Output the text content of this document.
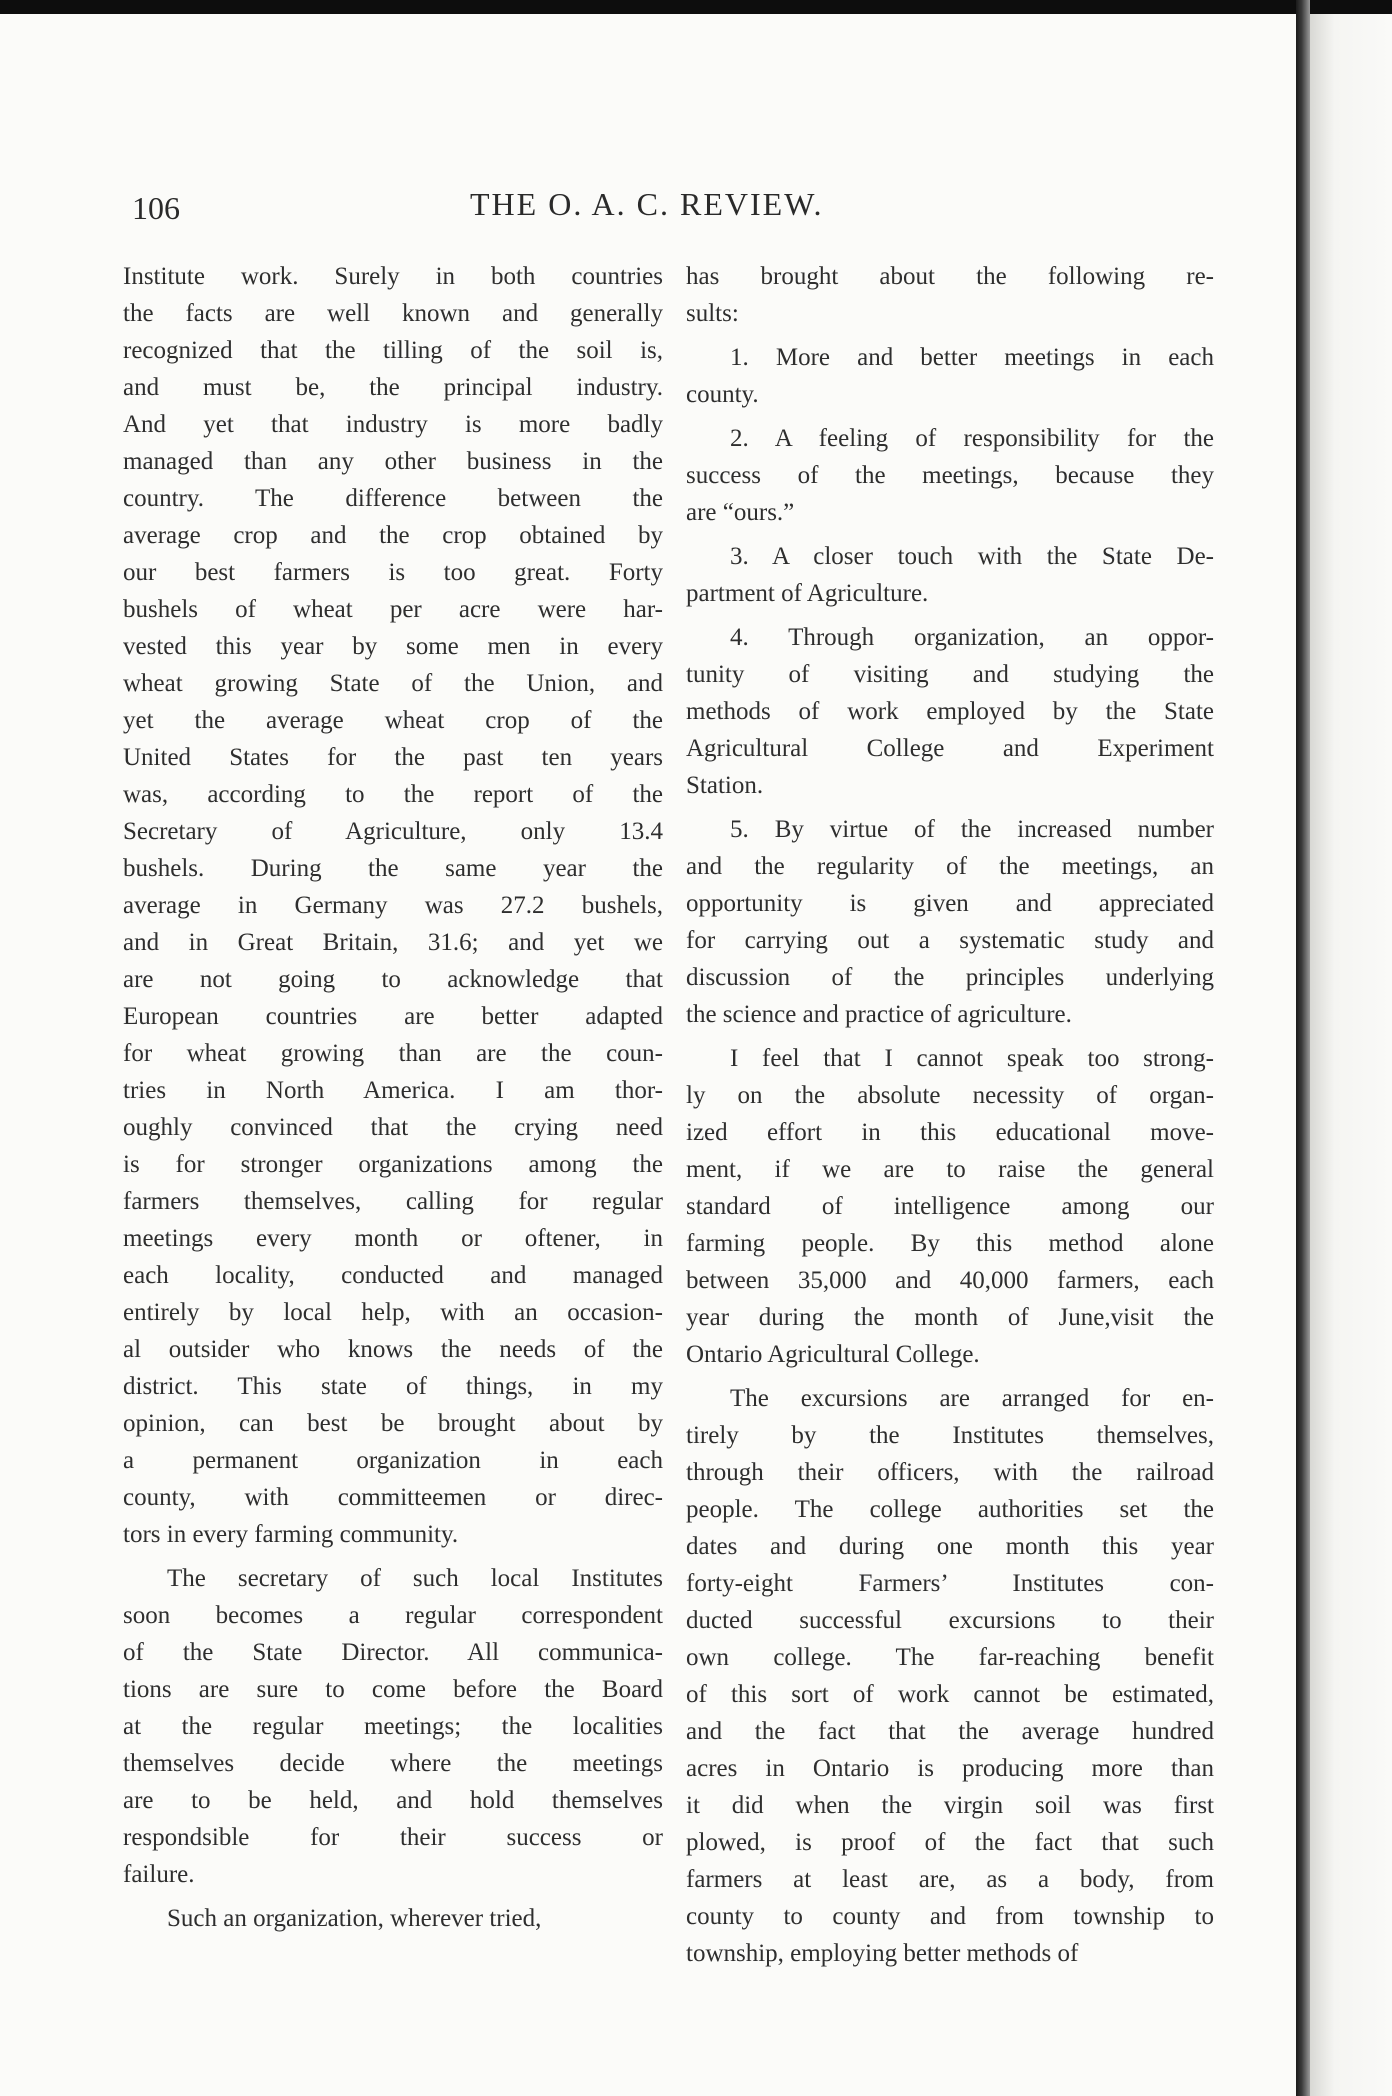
106	THE O. A. C. REVIEW.

Institute work. Surely in both countries
the facts are well known and generally
recognized that the tilling of the soil is,
and must be, the principal industry.
And yet that industry is more badly
managed than any other business in the
country. The difference between the
average crop and the crop obtained by
our best farmers is too great. Forty
bushels of wheat per acre were har-
vested this year by some men in every
wheat growing State of the Union, and
yet the average wheat crop of the
United States for the past ten years
was, according to the report of the
Secretary of Agriculture, only 13.4
bushels. During the same year the
average in Germany was 27.2 bushels,
and in Great Britain, 31.6; and yet we
are not going to acknowledge that
European countries are better adapted
for wheat growing than are the coun-
tries in North America. I am thor-
oughly convinced that the crying need
is for stronger organizations among the
farmers themselves, calling for regular
meetings every month or oftener, in
each locality, conducted and managed
entirely by local help, with an occasion-
al outsider who knows the needs of the
district. This state of things, in my
opinion, can best be brought about by
a permanent organization in each
county, with committeemen or direc-
tors in every farming community.

The secretary of such local Institutes
soon becomes a regular correspondent
of the State Director. All communica-
tions are sure to come before the Board
at the regular meetings; the localities
themselves decide where the meetings
are to be held, and hold themselves
respondsible for their success or
failure.

Such an organization, wherever tried,

has brought about the following re-
sults:

1. More and better meetings in each
county.

2. A feeling of responsibility for the
success of the meetings, because they
are “ours.”

3. A closer touch with the State De-
partment of Agriculture.

4. Through organization, an oppor-
tunity of visiting and studying the
methods of work employed by the State
Agricultural College and Experiment
Station.

5. By virtue of the increased number
and the regularity of the meetings, an
opportunity is given and appreciated
for carrying out a systematic study and
discussion of the principles underlying
the science and practice of agriculture.

I feel that I cannot speak too strong-
ly on the absolute necessity of organ-
ized effort in this educational move-
ment, if we are to raise the general
standard of intelligence among our
farming people. By this method alone
between 35,000 and 40,000 farmers, each
year during the month of June,visit the
Ontario Agricultural College.

The excursions are arranged for en-
tirely by the Institutes themselves,
through their officers, with the railroad
people. The college authorities set the
dates and during one month this year
forty-eight Farmers’ Institutes con-
ducted successful excursions to their
own college. The far-reaching benefit
of this sort of work cannot be estimated,
and the fact that the average hundred
acres in Ontario is producing more than
it did when the virgin soil was first
plowed, is proof of the fact that such
farmers at least are, as a body, from
county to county and from township to
township, employing better methods of
